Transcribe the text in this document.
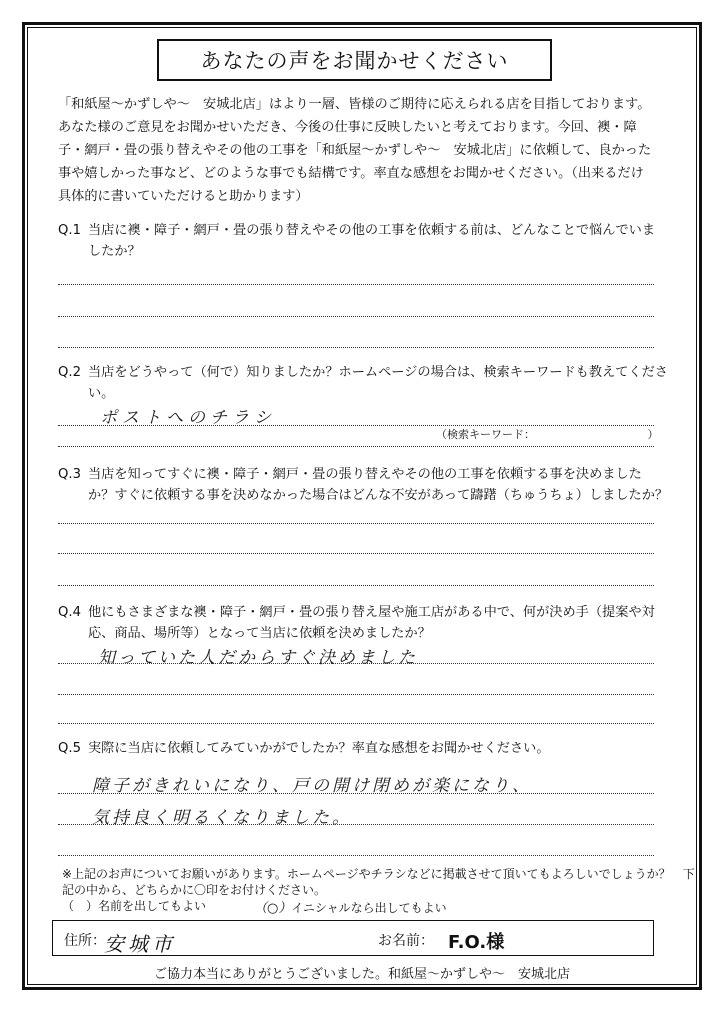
あなたの声をお聞かせください
「和紙屋～かずしや～　安城北店」はより一層、皆様のご期待に応えられる店を目指しております。
あなた様のご意見をお聞かせいただき、今後の仕事に反映したいと考えております。今回、襖・障
子・網戸・畳の張り替えやその他の工事を「和紙屋～かずしや～　安城北店」に依頼して、良かった
事や嬉しかった事など、どのような事でも結構です。率直な感想をお聞かせください。（出来るだけ
具体的に書いていただけると助かります）
Q.1 当店に襖・障子・網戸・畳の張り替えやその他の工事を依頼する前は、どんなことで悩んでいま
したか？
Q.2 当店をどうやって（何で）知りましたか？ホームページの場合は、検索キーワードも教えてくださ
い。
ポストへのチラシ
（検索キーワード：	）
Q.3 当店を知ってすぐに襖・障子・網戸・畳の張り替えやその他の工事を依頼する事を決めました
か？すぐに依頼する事を決めなかった場合はどんな不安があって躊躇（ちゅうちょ）しましたか？
Q.4 他にもさまざまな襖・障子・網戸・畳の張り替え屋や施工店がある中で、何が決め手（提案や対
応、商品、場所等）となって当店に依頼を決めましたか？
知っていた人だからすぐ決めました
Q.5 実際に当店に依頼してみていかがでしたか？率直な感想をお聞かせください。
障子がきれいになり、戸の開け閉めが楽になり、
気持良く明るくなりました。
※上記のお声についてお願いがあります。ホームページやチラシなどに掲載させて頂いてもよろしいでしょうか？　下
記の中から、どちらかに〇印をお付けください。
（　）名前を出してもよい	（○）イニシャルなら出してもよい
住所：
安城市	お名前： F.O.様
ご協力本当にありがとうございました。和紙屋～かずしや～　安城北店
